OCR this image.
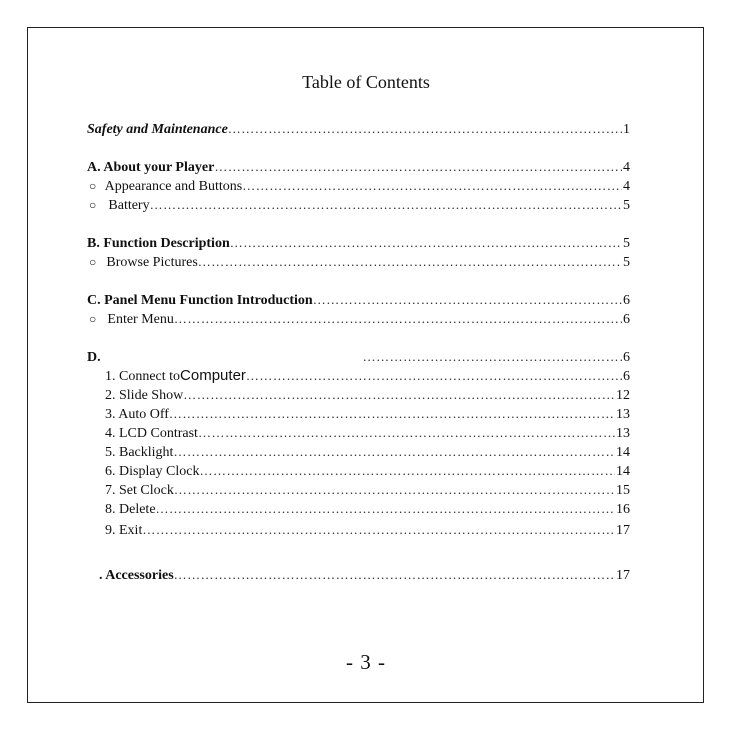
Table of Contents
Safety and Maintenance ……………………………………………………………………………………………………………………………………………………………………………………………………	1
A. About your Player ……………………………………………………………………………………………………………………………………………………………………………………………………	4
○ Appearance and Buttons ……………………………………………………………………………………………………………………………………………………………………………………………………	4
○ Battery ……………………………………………………………………………………………………………………………………………………………………………………………………	5
B. Function Description ……………………………………………………………………………………………………………………………………………………………………………………………………	5
○ Browse Pictures ……………………………………………………………………………………………………………………………………………………………………………………………………	5
C. Panel Menu Function Introduction ……………………………………………………………………………………………………………………………………………………………………………………………………	6
○ Enter Menu ……………………………………………………………………………………………………………………………………………………………………………………………………	6
D. ……………………………………………………………………………………………………………………………………………………………………………………………………	6
1. Connect to Computer ……………………………………………………………………………………………………………………………………………………………………………………………………	6
2. Slide Show ……………………………………………………………………………………………………………………………………………………………………………………………………	12
3. Auto Off ……………………………………………………………………………………………………………………………………………………………………………………………………	13
4. LCD Contrast ……………………………………………………………………………………………………………………………………………………………………………………………………	13
5. Backlight ……………………………………………………………………………………………………………………………………………………………………………………………………	14
6. Display Clock ……………………………………………………………………………………………………………………………………………………………………………………………………	14
7. Set Clock ……………………………………………………………………………………………………………………………………………………………………………………………………	15
8. Delete ……………………………………………………………………………………………………………………………………………………………………………………………………	16
9. Exit ……………………………………………………………………………………………………………………………………………………………………………………………………	17
. Accessories ……………………………………………………………………………………………………………………………………………………………………………………………………	17
- 3 -
